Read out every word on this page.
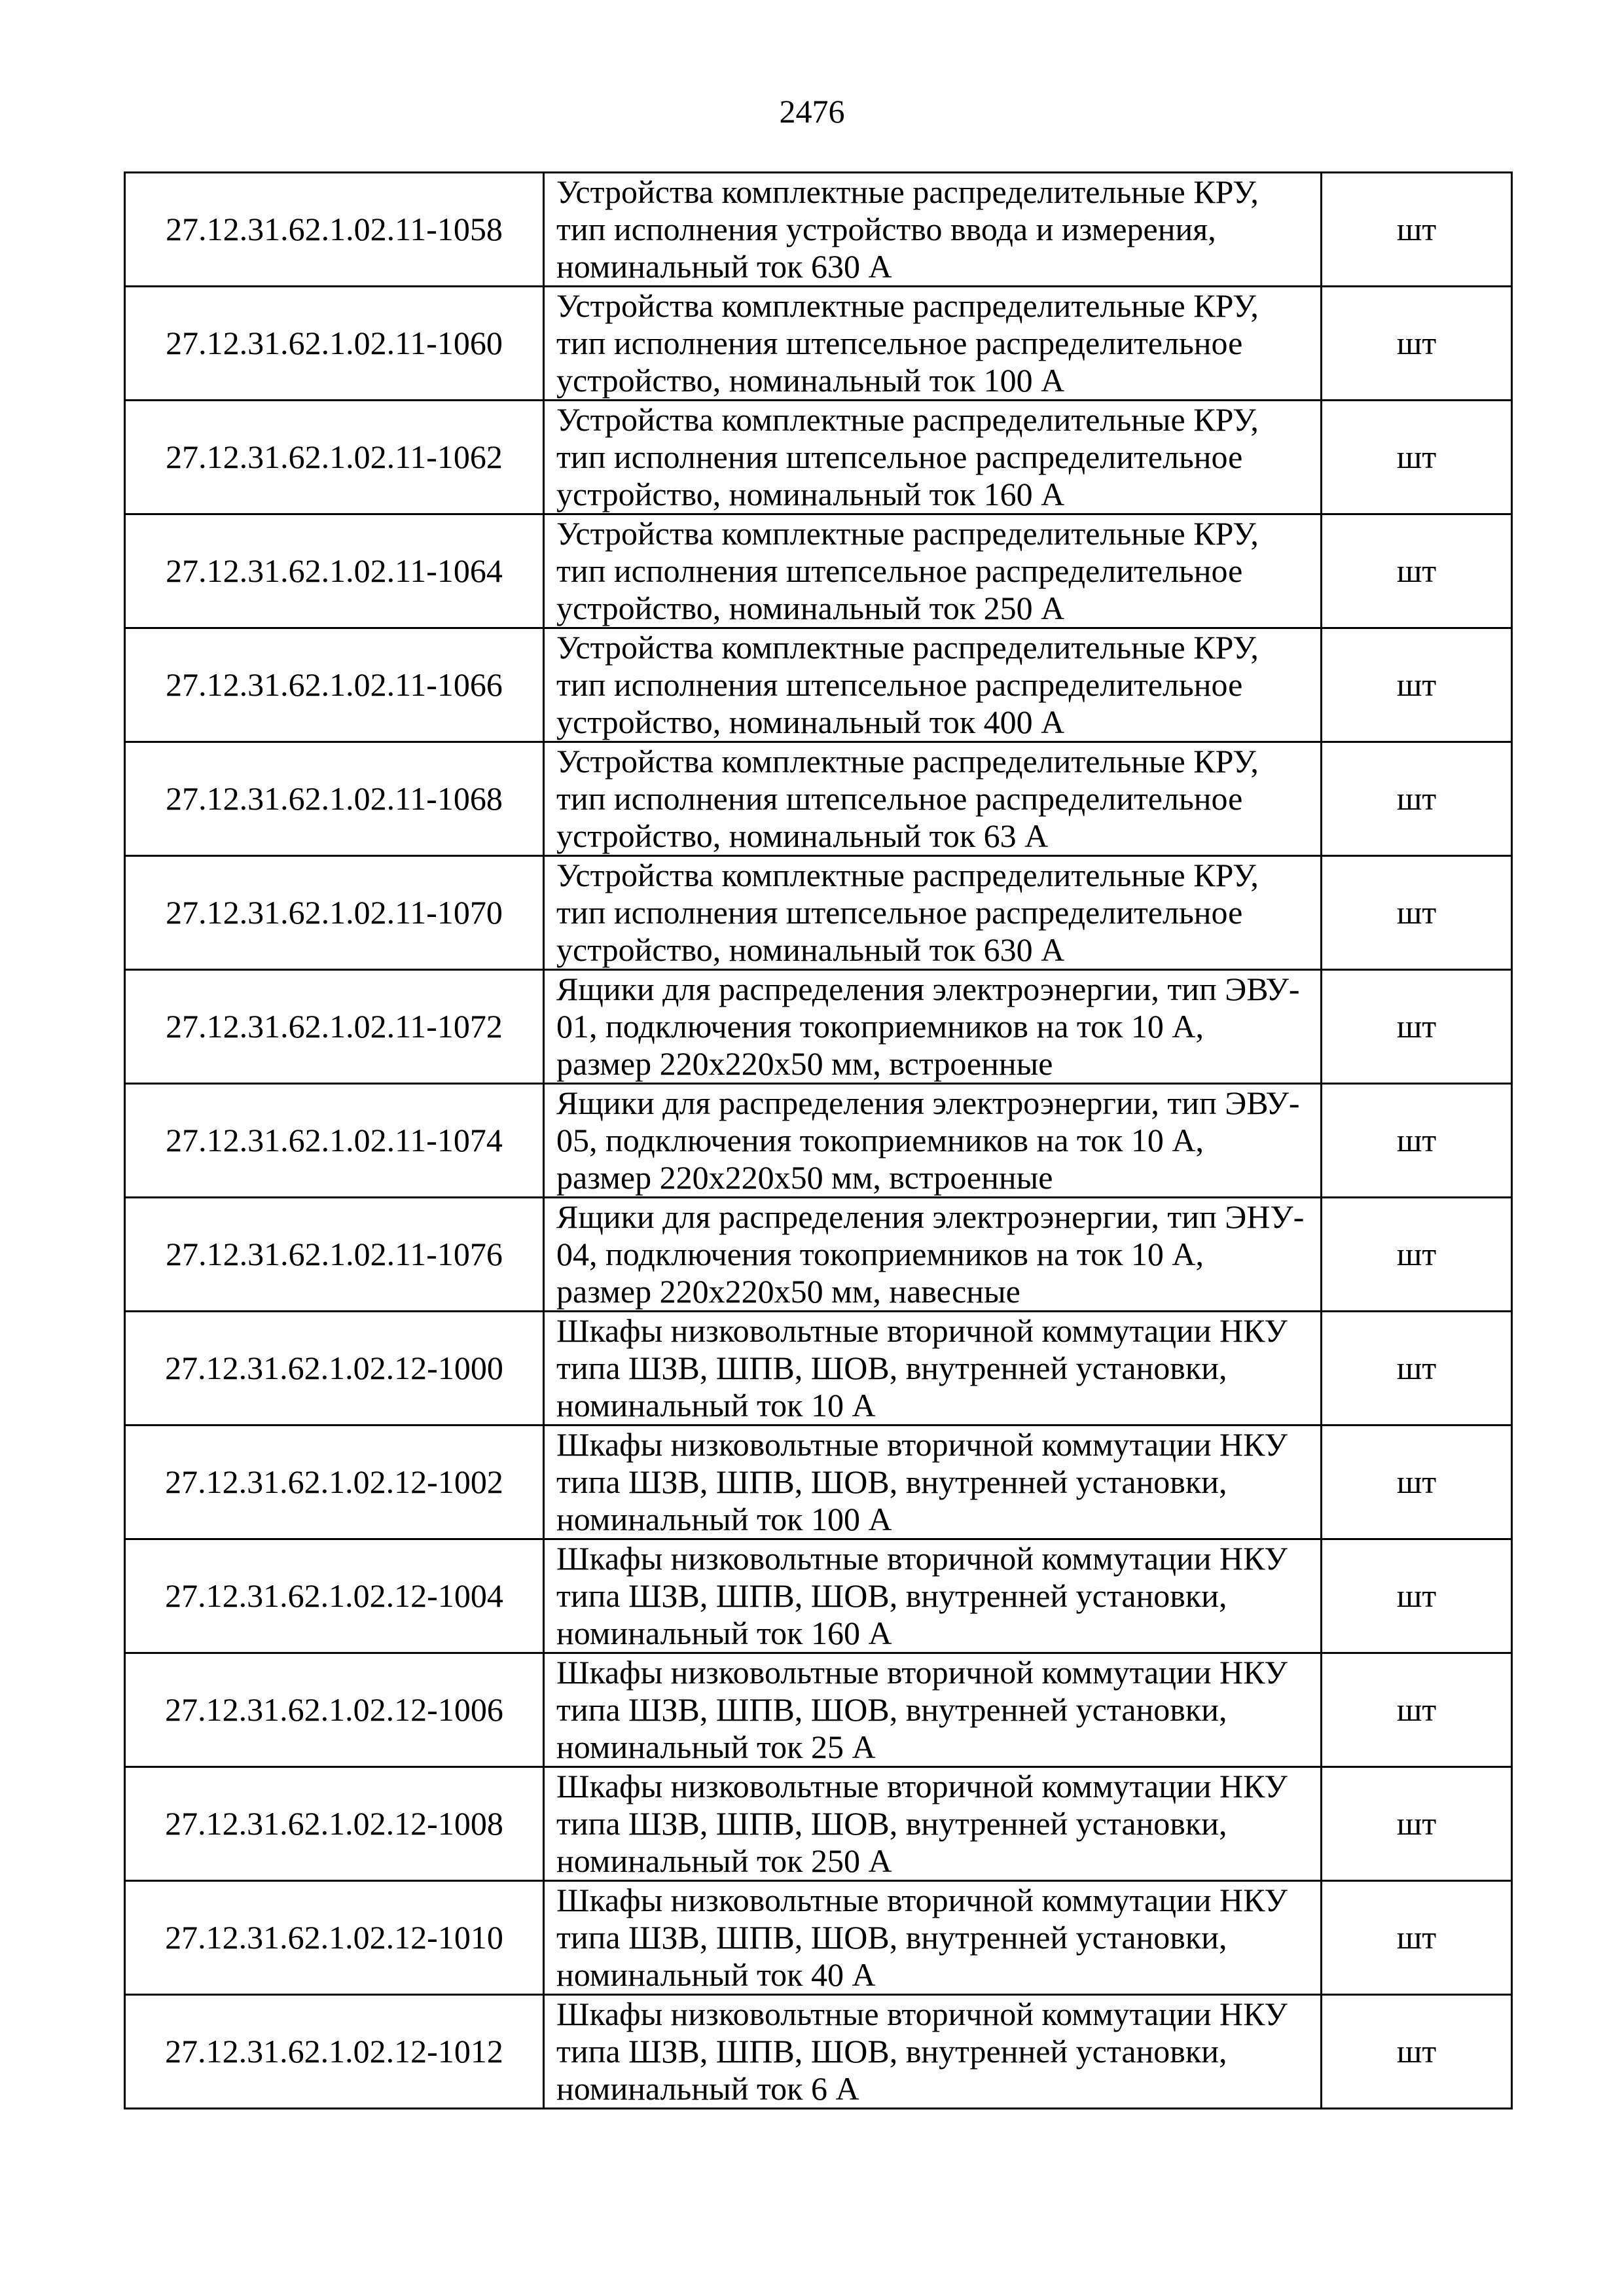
2476
27.12.31.62.1.02.11-1058	Устройства комплектные распределительные КРУ,
тип исполнения устройство ввода и измерения,
номинальный ток 630 А	шт
27.12.31.62.1.02.11-1060	Устройства комплектные распределительные КРУ,
тип исполнения штепсельное распределительное
устройство, номинальный ток 100 А	шт
27.12.31.62.1.02.11-1062	Устройства комплектные распределительные КРУ,
тип исполнения штепсельное распределительное
устройство, номинальный ток 160 А	шт
27.12.31.62.1.02.11-1064	Устройства комплектные распределительные КРУ,
тип исполнения штепсельное распределительное
устройство, номинальный ток 250 А	шт
27.12.31.62.1.02.11-1066	Устройства комплектные распределительные КРУ,
тип исполнения штепсельное распределительное
устройство, номинальный ток 400 А	шт
27.12.31.62.1.02.11-1068	Устройства комплектные распределительные КРУ,
тип исполнения штепсельное распределительное
устройство, номинальный ток 63 А	шт
27.12.31.62.1.02.11-1070	Устройства комплектные распределительные КРУ,
тип исполнения штепсельное распределительное
устройство, номинальный ток 630 А	шт
27.12.31.62.1.02.11-1072	Ящики для распределения электроэнергии, тип ЭВУ-
01, подключения токоприемников на ток 10 А,
размер 220х220х50 мм, встроенные	шт
27.12.31.62.1.02.11-1074	Ящики для распределения электроэнергии, тип ЭВУ-
05, подключения токоприемников на ток 10 А,
размер 220х220х50 мм, встроенные	шт
27.12.31.62.1.02.11-1076	Ящики для распределения электроэнергии, тип ЭНУ-
04, подключения токоприемников на ток 10 А,
размер 220х220х50 мм, навесные	шт
27.12.31.62.1.02.12-1000	Шкафы низковольтные вторичной коммутации НКУ
типа ШЗВ, ШПВ, ШОВ, внутренней установки,
номинальный ток 10 А	шт
27.12.31.62.1.02.12-1002	Шкафы низковольтные вторичной коммутации НКУ
типа ШЗВ, ШПВ, ШОВ, внутренней установки,
номинальный ток 100 А	шт
27.12.31.62.1.02.12-1004	Шкафы низковольтные вторичной коммутации НКУ
типа ШЗВ, ШПВ, ШОВ, внутренней установки,
номинальный ток 160 А	шт
27.12.31.62.1.02.12-1006	Шкафы низковольтные вторичной коммутации НКУ
типа ШЗВ, ШПВ, ШОВ, внутренней установки,
номинальный ток 25 А	шт
27.12.31.62.1.02.12-1008	Шкафы низковольтные вторичной коммутации НКУ
типа ШЗВ, ШПВ, ШОВ, внутренней установки,
номинальный ток 250 А	шт
27.12.31.62.1.02.12-1010	Шкафы низковольтные вторичной коммутации НКУ
типа ШЗВ, ШПВ, ШОВ, внутренней установки,
номинальный ток 40 А	шт
27.12.31.62.1.02.12-1012	Шкафы низковольтные вторичной коммутации НКУ
типа ШЗВ, ШПВ, ШОВ, внутренней установки,
номинальный ток 6 А	шт
